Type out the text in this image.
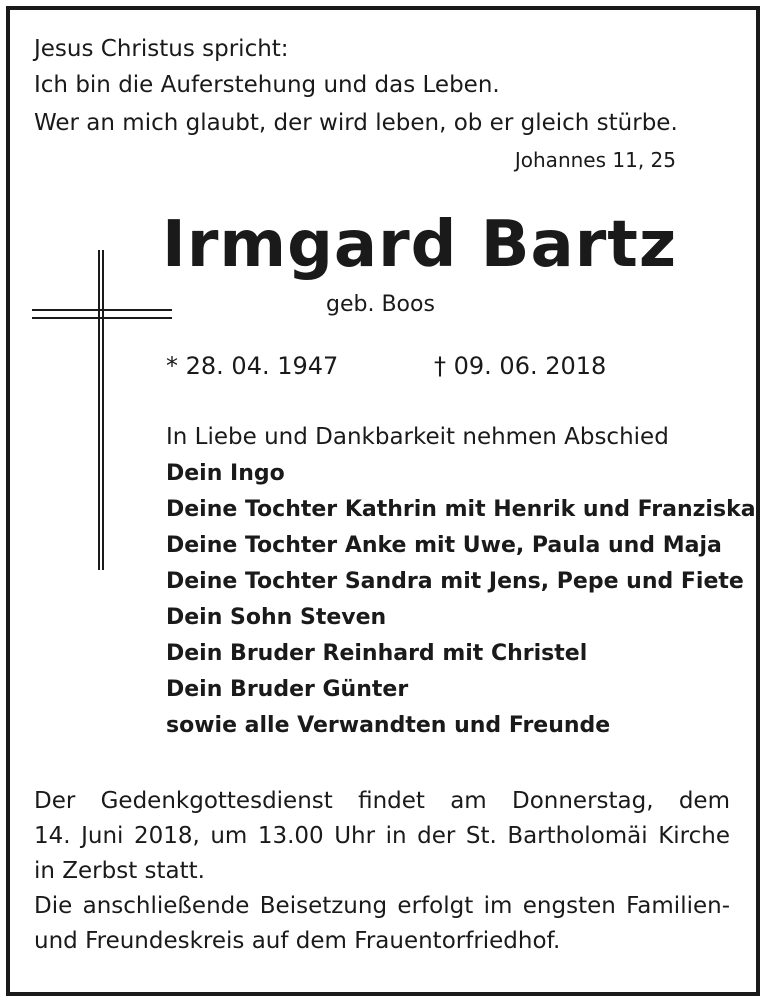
Jesus Christus spricht:
Ich bin die Auferstehung und das Leben.
Wer an mich glaubt, der wird leben, ob er gleich stürbe.
Johannes 11, 25
Irmgard Bartz
geb. Boos
* 28. 04. 1947	† 09. 06. 2018
In Liebe und Dankbarkeit nehmen Abschied
Dein Ingo
Deine Tochter Kathrin mit Henrik und Franziska
Deine Tochter Anke mit Uwe, Paula und Maja
Deine Tochter Sandra mit Jens, Pepe und Fiete
Dein Sohn Steven
Dein Bruder Reinhard mit Christel
Dein Bruder Günter
sowie alle Verwandten und Freunde
Der Gedenkgottesdienst findet am Donnerstag, dem
14. Juni 2018, um 13.00 Uhr in der St. Bartholomäi Kirche
in Zerbst statt.
Die anschließende Beisetzung erfolgt im engsten Familien-
und Freundeskreis auf dem Frauentorfriedhof.
